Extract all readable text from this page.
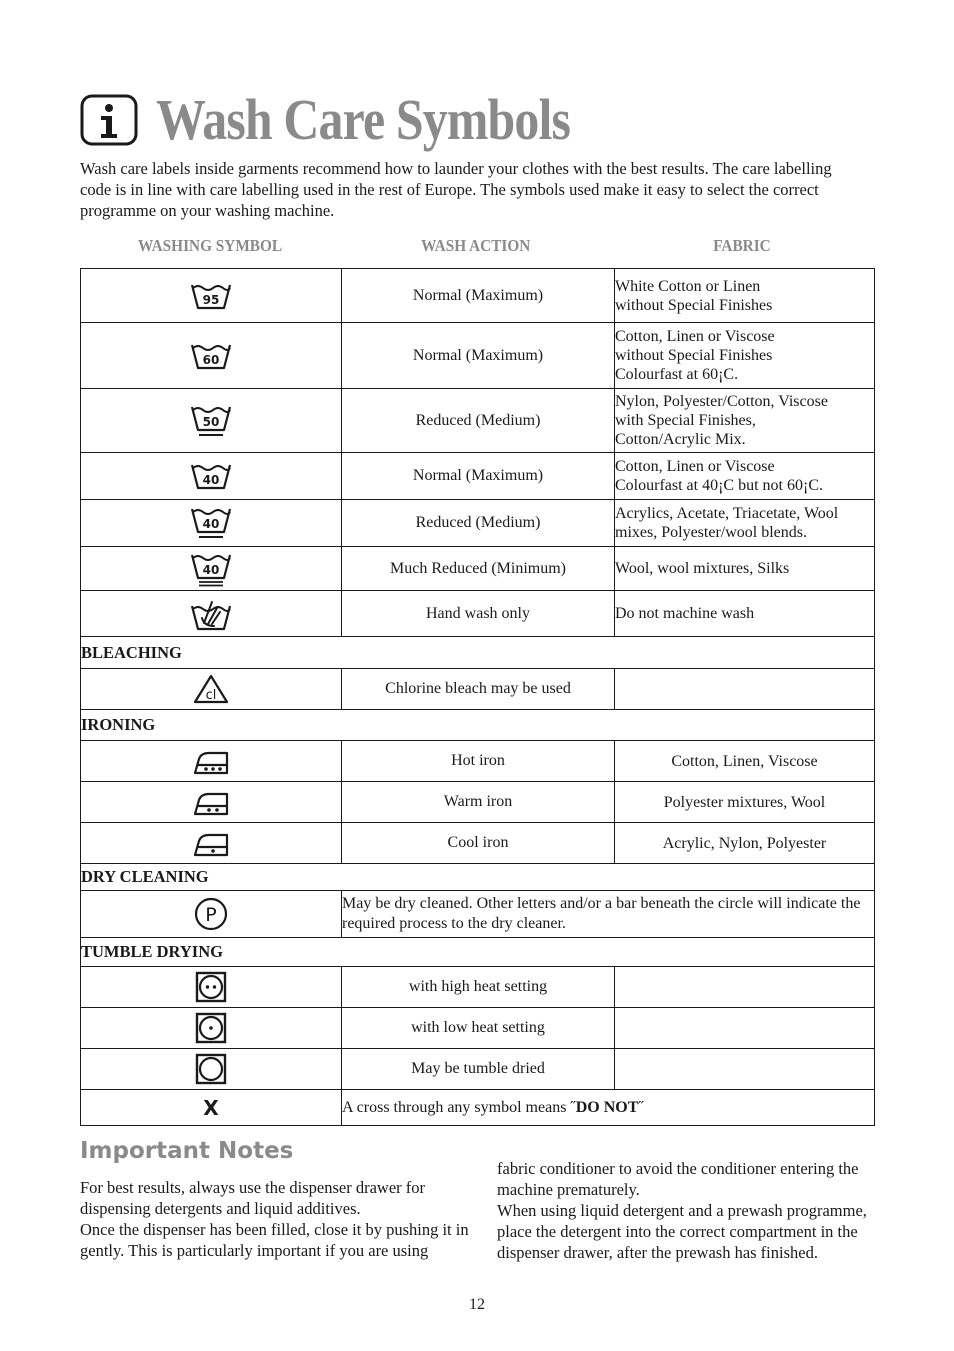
Wash Care Symbols

Wash care labels inside garments recommend how to launder your clothes with the best results. The care labelling code is in line with care labelling used in the rest of Europe. The symbols used make it easy to select the correct programme on your washing machine.

WASHING SYMBOL	WASH ACTION	FABRIC
95	Normal (Maximum)	White Cotton or Linen
without Special Finishes

60	Normal (Maximum)	Cotton, Linen or Viscose
without Special Finishes
Colourfast at 60¡C.

50	Reduced (Medium)	Nylon, Polyester/Cotton, Viscose
with Special Finishes,
Cotton/Acrylic Mix.

40	Normal (Maximum)	Cotton, Linen or Viscose
Colourfast at 40¡C but not 60¡C.

40	Reduced (Medium)	Acrylics, Acetate, Triacetate, Wool
mixes, Polyester/wool blends.

40	Much Reduced (Minimum)	Wool, wool mixtures, Silks

	Hand wash only	Do not machine wash
BLEACHING		

cl	Chlorine bleach may be used	
IRONING		

	Hot iron	Cotton, Linen, Viscose

	Warm iron	Polyester mixtures, Wool

	Cool iron	Acrylic, Nylon, Polyester
DRY CLEANING		

P	May be dry cleaned. Other letters and/or a bar beneath the circle will indicate the required process to the dry cleaner.	
TUMBLE DRYING		

	with high heat setting	

	with low heat setting	

	May be tumble dried	
X	A cross through any symbol means ˝DO NOT˝	
Important Notes

For best results, always use the dispenser drawer for dispensing detergents and liquid additives.

Once the dispenser has been filled, close it by pushing it in gently. This is particularly important if you are using

fabric conditioner to avoid the conditioner entering the machine prematurely.

When using liquid detergent and a prewash programme, place the detergent into the correct compartment in the dispenser drawer, after the prewash has finished.

12
